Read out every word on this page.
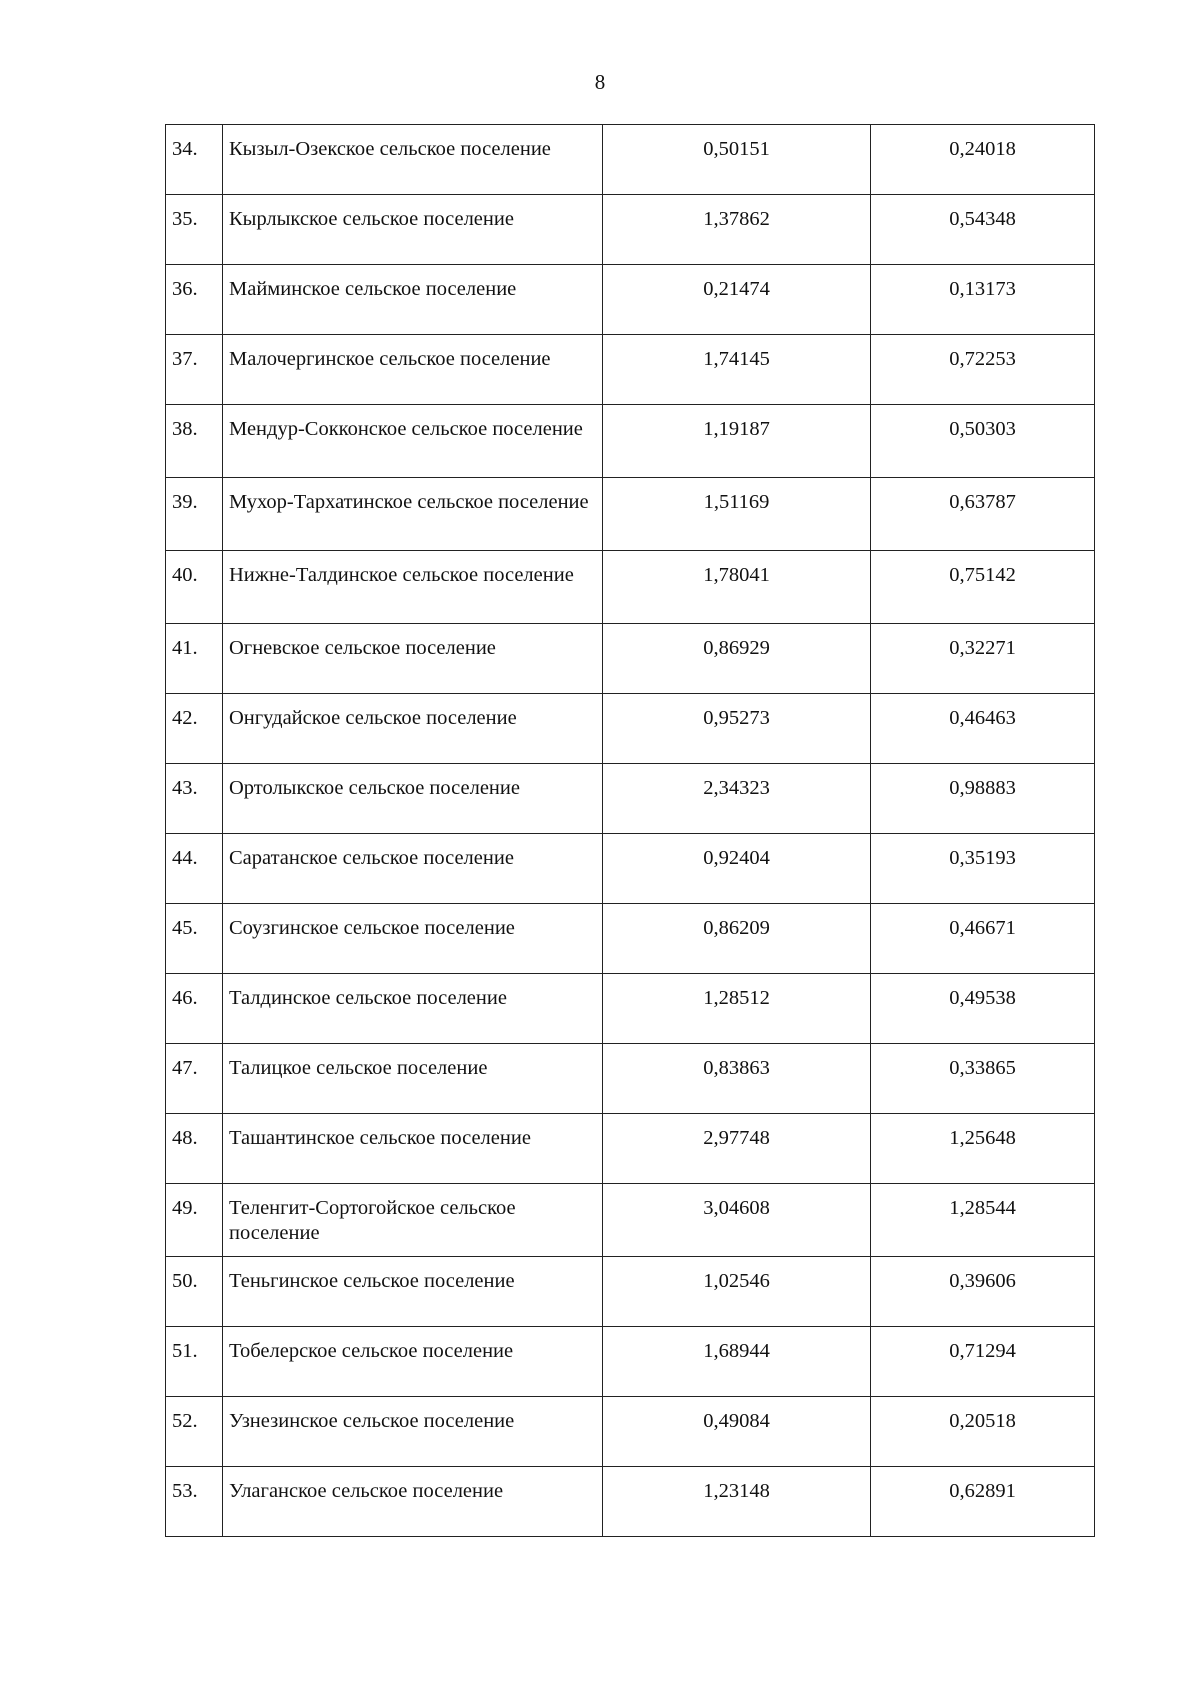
8
34.	Кызыл-Озекское сельское поселение	0,50151	0,24018
35.	Кырлыкское сельское поселение	1,37862	0,54348
36.	Майминское сельское поселение	0,21474	0,13173
37.	Малочергинское сельское поселение	1,74145	0,72253
38.	Мендур-Сокконское сельское поселение	1,19187	0,50303
39.	Мухор-Тархатинское сельское поселение	1,51169	0,63787
40.	Нижне-Талдинское сельское поселение	1,78041	0,75142
41.	Огневское сельское поселение	0,86929	0,32271
42.	Онгудайское сельское поселение	0,95273	0,46463
43.	Ортолыкское сельское поселение	2,34323	0,98883
44.	Саратанское сельское поселение	0,92404	0,35193
45.	Соузгинское сельское поселение	0,86209	0,46671
46.	Талдинское сельское поселение	1,28512	0,49538
47.	Талицкое сельское поселение	0,83863	0,33865
48.	Ташантинское сельское поселение	2,97748	1,25648
49.	Теленгит-Сортогойское сельское поселение	3,04608	1,28544
50.	Теньгинское сельское поселение	1,02546	0,39606
51.	Тобелерское сельское поселение	1,68944	0,71294
52.	Узнезинское сельское поселение	0,49084	0,20518
53.	Улаганское сельское поселение	1,23148	0,62891
